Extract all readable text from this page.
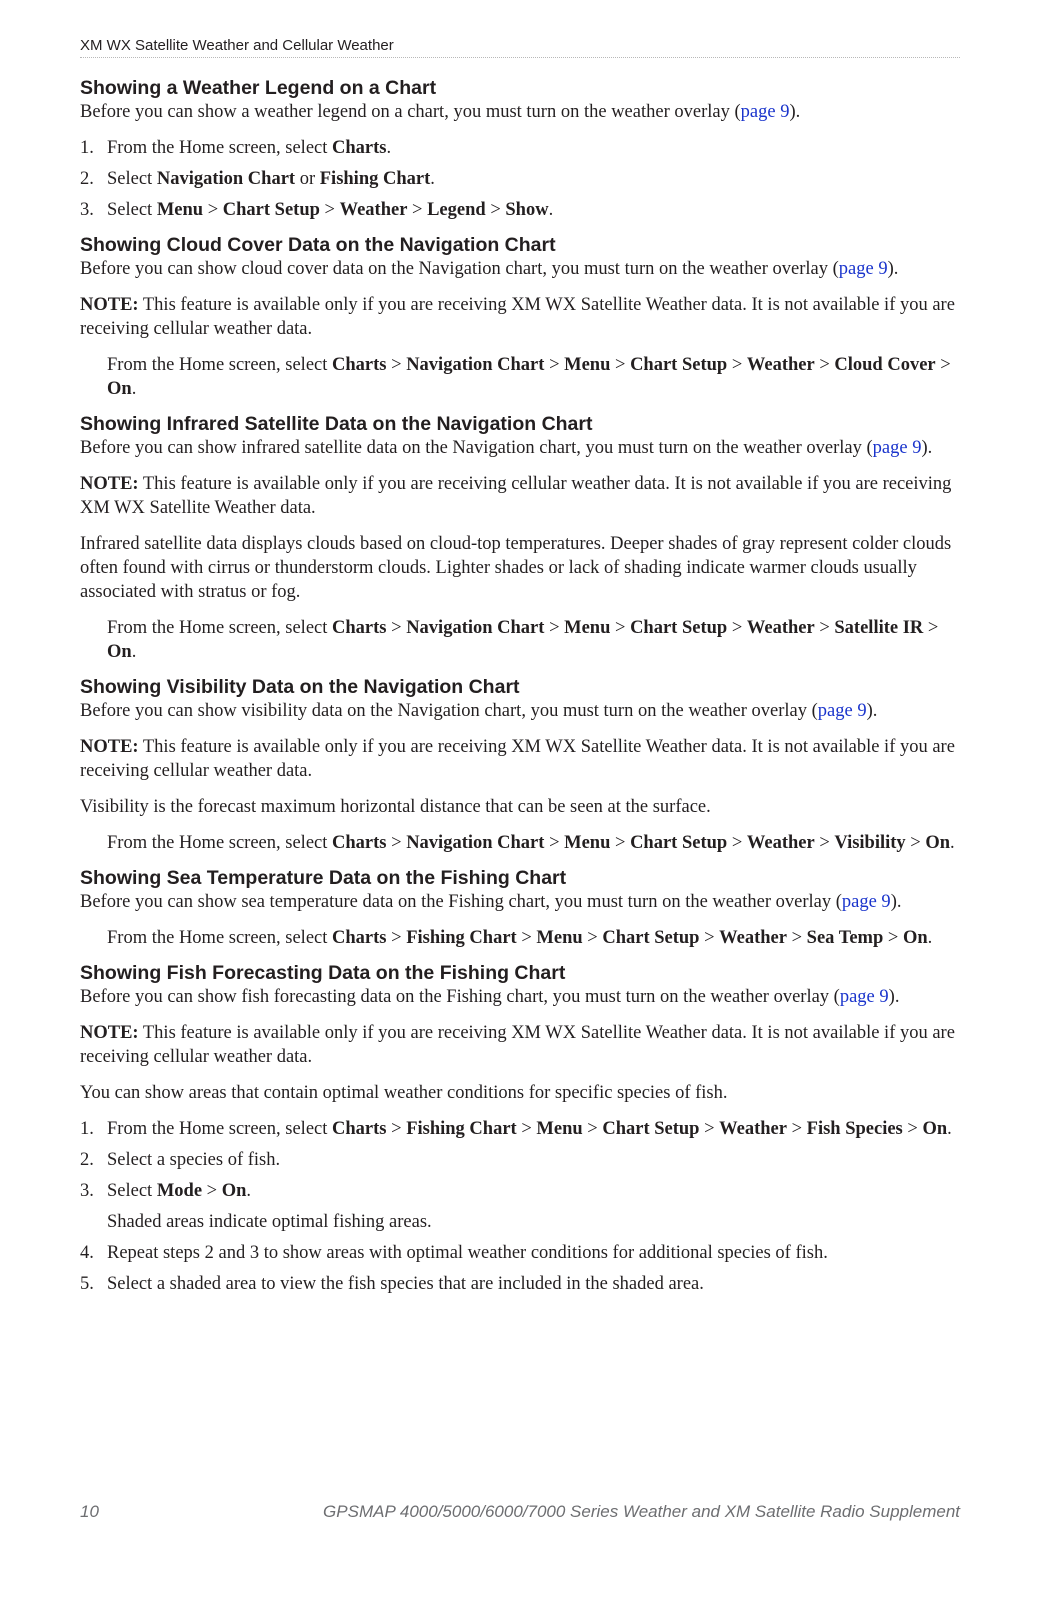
XM WX Satellite Weather and Cellular Weather
Showing a Weather Legend on a Chart

Before you can show a weather legend on a chart, you must turn on the weather overlay (page 9).

1. From the Home screen, select Charts.
2. Select Navigation Chart or Fishing Chart.
3. Select Menu > Chart Setup > Weather > Legend > Show.
Showing Cloud Cover Data on the Navigation Chart

Before you can show cloud cover data on the Navigation chart, you must turn on the weather overlay (page 9).

NOTE: This feature is available only if you are receiving XM WX Satellite Weather data. It is not available if you are receiving cellular weather data.

From the Home screen, select Charts > Navigation Chart > Menu > Chart Setup > Weather > Cloud Cover > On.

Showing Infrared Satellite Data on the Navigation Chart

Before you can show infrared satellite data on the Navigation chart, you must turn on the weather overlay (page 9).

NOTE: This feature is available only if you are receiving cellular weather data. It is not available if you are receiving XM WX Satellite Weather data.

Infrared satellite data displays clouds based on cloud-top temperatures. Deeper shades of gray represent colder clouds often found with cirrus or thunderstorm clouds. Lighter shades or lack of shading indicate warmer clouds usually associated with stratus or fog.

From the Home screen, select Charts > Navigation Chart > Menu > Chart Setup > Weather > Satellite IR > On.

Showing Visibility Data on the Navigation Chart

Before you can show visibility data on the Navigation chart, you must turn on the weather overlay (page 9).

NOTE: This feature is available only if you are receiving XM WX Satellite Weather data. It is not available if you are receiving cellular weather data.

Visibility is the forecast maximum horizontal distance that can be seen at the surface.

From the Home screen, select Charts > Navigation Chart > Menu > Chart Setup > Weather > Visibility > On.

Showing Sea Temperature Data on the Fishing Chart

Before you can show sea temperature data on the Fishing chart, you must turn on the weather overlay (page 9).

From the Home screen, select Charts > Fishing Chart > Menu > Chart Setup > Weather > Sea Temp > On.

Showing Fish Forecasting Data on the Fishing Chart

Before you can show fish forecasting data on the Fishing chart, you must turn on the weather overlay (page 9).

NOTE: This feature is available only if you are receiving XM WX Satellite Weather data. It is not available if you are receiving cellular weather data.

You can show areas that contain optimal weather conditions for specific species of fish.

1. From the Home screen, select Charts > Fishing Chart > Menu > Chart Setup > Weather > Fish Species > On.
2. Select a species of fish.
3. Select Mode > On.
Shaded areas indicate optimal fishing areas.
4. Repeat steps 2 and 3 to show areas with optimal weather conditions for additional species of fish.
5. Select a shaded area to view the fish species that are included in the shaded area.
10	GPSMAP 4000/5000/6000/7000 Series Weather and XM Satellite Radio Supplement
